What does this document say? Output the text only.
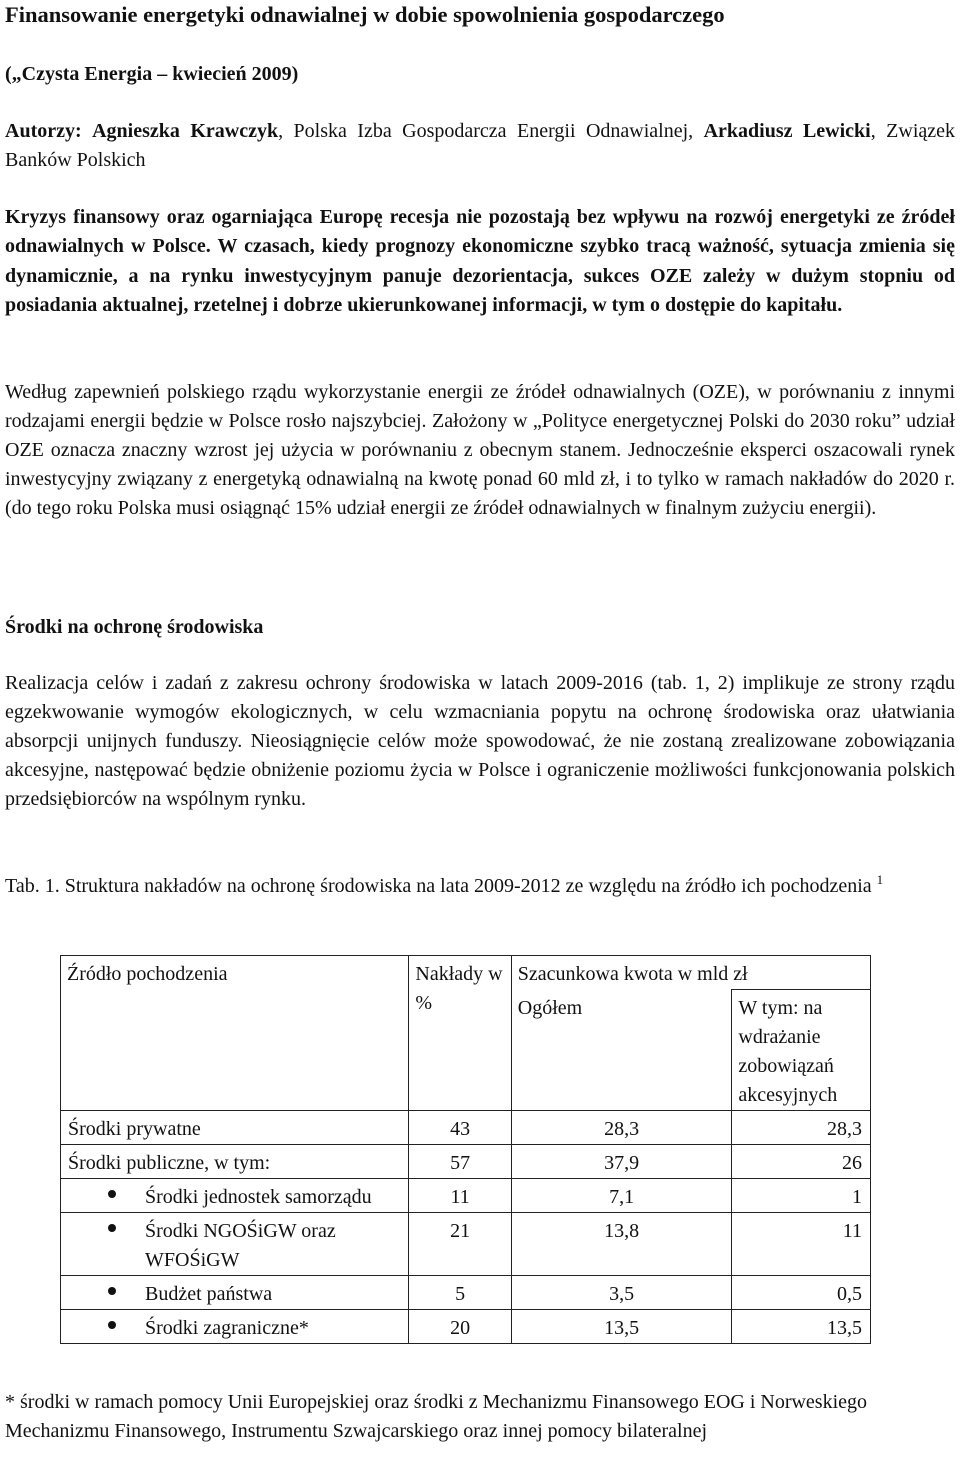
Finansowanie energetyki odnawialnej w dobie spowolnienia gospodarczego

(„Czysta Energia – kwiecień 2009)

Autorzy: Agnieszka Krawczyk, Polska Izba Gospodarcza Energii Odnawialnej, Arkadiusz Lewicki, Związek Banków Polskich

Kryzys finansowy oraz ogarniająca Europę recesja nie pozostają bez wpływu na rozwój energetyki ze źródeł odnawialnych w Polsce. W czasach, kiedy prognozy ekonomiczne szybko tracą ważność, sytuacja zmienia się dynamicznie, a na rynku inwestycyjnym panuje dezorientacja, sukces OZE zależy w dużym stopniu od posiadania aktualnej, rzetelnej i dobrze ukierunkowanej informacji, w tym o dostępie do kapitału.

Według zapewnień polskiego rządu wykorzystanie energii ze źródeł odnawialnych (OZE), w porównaniu z innymi rodzajami energii będzie w Polsce rosło najszybciej. Założony w „Polityce energetycznej Polski do 2030 roku” udział OZE oznacza znaczny wzrost jej użycia w porównaniu z obecnym stanem. Jednocześnie eksperci oszacowali rynek inwestycyjny związany z energetyką odnawialną na kwotę ponad 60 mld zł, i to tylko w ramach nakładów do 2020 r. (do tego roku Polska musi osiągnąć 15% udział energii ze źródeł odnawialnych w finalnym zużyciu energii).

Środki na ochronę środowiska

Realizacja celów i zadań z zakresu ochrony środowiska w latach 2009-2016 (tab. 1, 2) implikuje ze strony rządu egzekwowanie wymogów ekologicznych, w celu wzmacniania popytu na ochronę środowiska oraz ułatwiania absorpcji unijnych funduszy. Nieosiągnięcie celów może spowodować, że nie zostaną zrealizowane zobowiązania akcesyjne, następować będzie obniżenie poziomu życia w Polsce i ograniczenie możliwości funkcjonowania polskich przedsiębiorców na wspólnym rynku.

Tab. 1. Struktura nakładów na ochronę środowiska na lata 2009-2012 ze względu na źródło ich pochodzenia $^1$

Źródło pochodzenia	Nakłady w %	Szacunkowa kwota w mld zł	
		Ogółem	W tym: na wdrażanie zobowiązań akcesyjnych
Środki prywatne	43	28,3	28,3
Środki publiczne, w tym:	57	37,9	26

Środki jednostek samorządu	11	7,1	1

Środki NGOŚiGW oraz WFOŚiGW	21	13,8	11

Budżet państwa	5	3,5	0,5

Środki zagraniczne*	20	13,5	13,5

* środki w ramach pomocy Unii Europejskiej oraz środki z Mechanizmu Finansowego EOG i Norweskiego Mechanizmu Finansowego, Instrumentu Szwajcarskiego oraz innej pomocy bilateralnej
